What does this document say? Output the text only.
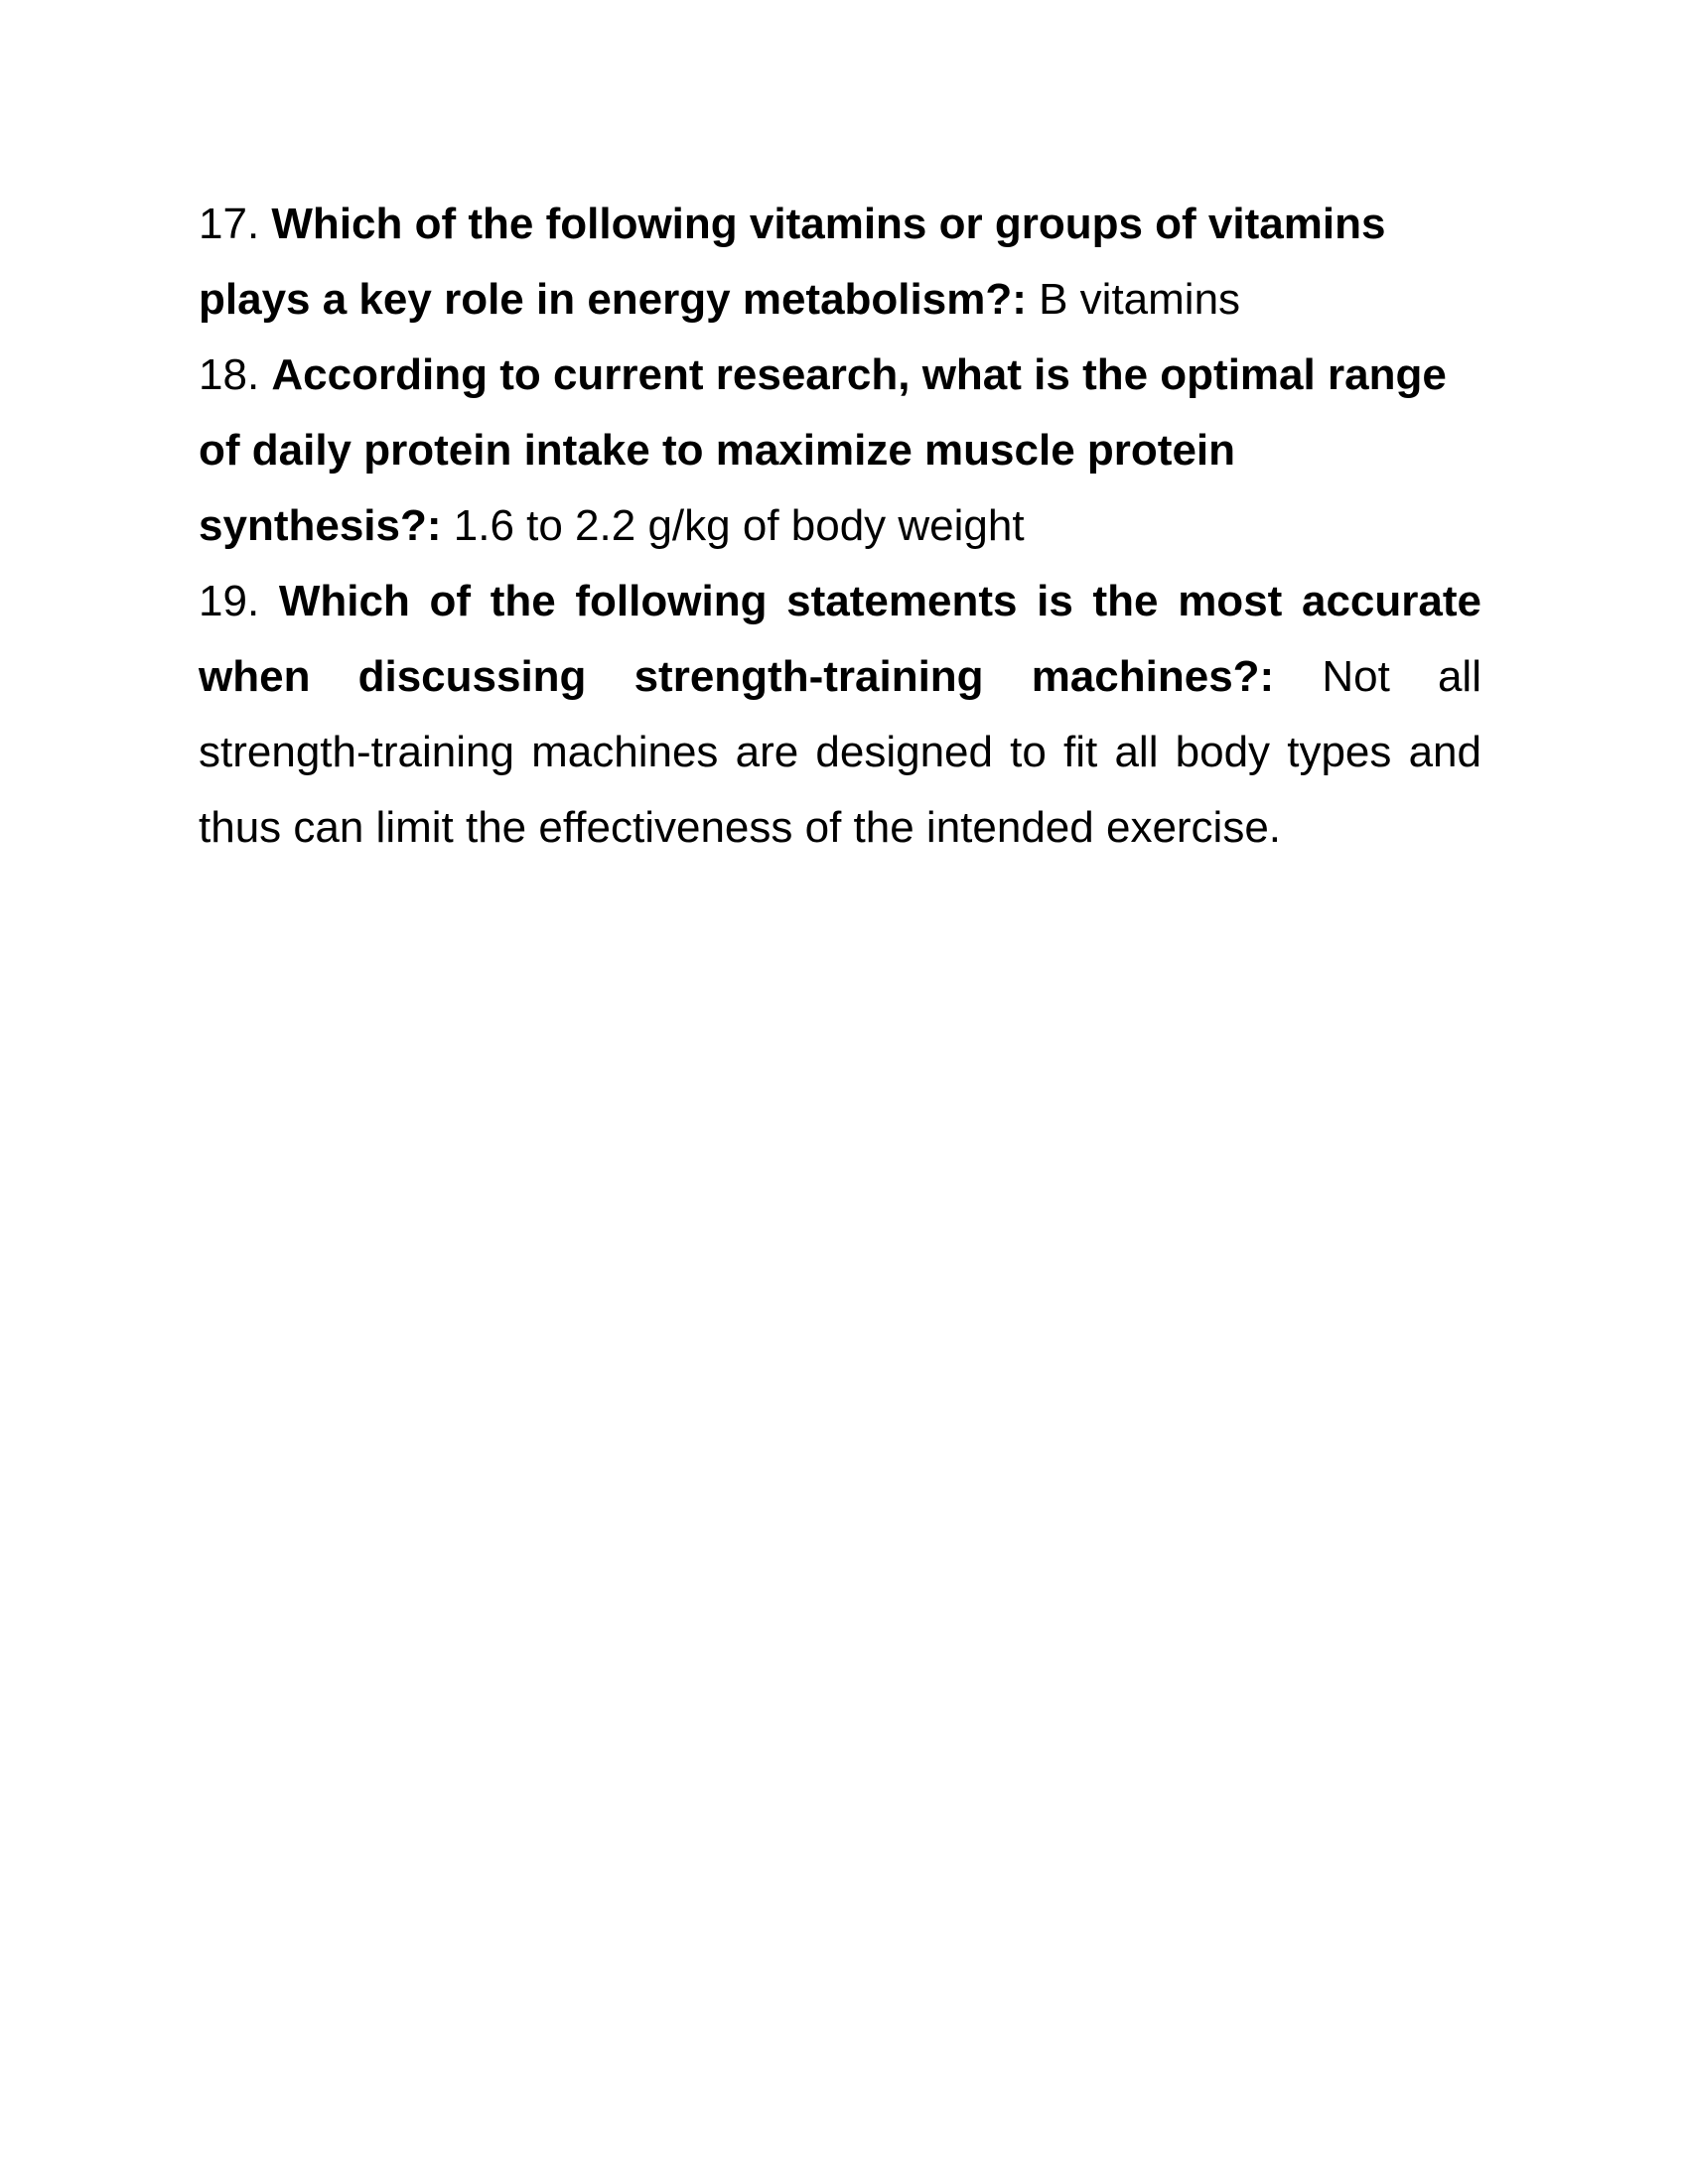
17. Which of the following vitamins or groups of vitamins plays a key role in energy metabolism?: B vitamins

18. According to current research, what is the optimal range of daily protein intake to maximize muscle protein synthesis?: 1.6 to 2.2 g/kg of body weight

19. Which of the following statements is the most accurate when discussing strength-training machines?: Not all strength-training machines are designed to fit all body types and thus can limit the effectiveness of the intended exercise.
